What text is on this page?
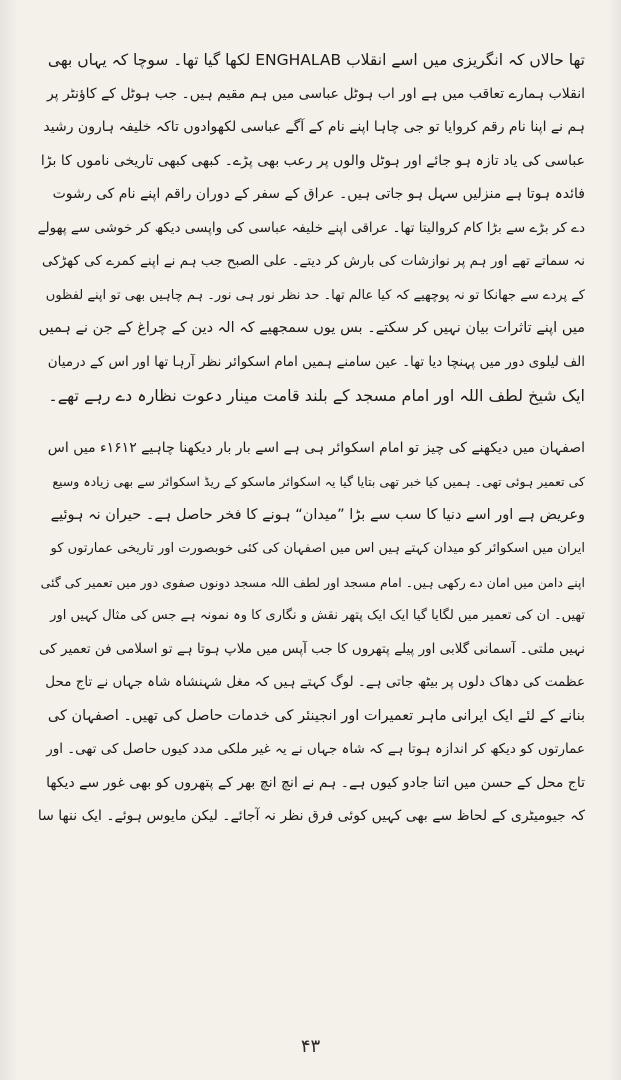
تھا حالاں کہ انگریزی میں اسے انقلاب ENGHALAB لکھا گیا تھا۔ سوچا کہ یہاں بھی
انقلاب ہمارے تعاقب میں ہے اور اب ہوٹل عباسی میں ہم مقیم ہیں۔ جب ہوٹل کے کاؤنٹر پر
ہم نے اپنا نام رقم کروایا تو جی چاہا اپنے نام کے آگے عباسی لکھوادوں تاکہ خلیفہ ہارون رشید
عباسی کی یاد تازہ ہو جائے اور ہوٹل والوں پر رعب بھی پڑے۔ کبھی کبھی تاریخی ناموں کا بڑا
فائدہ ہوتا ہے منزلیں سہل ہو جاتی ہیں۔ عراق کے سفر کے دوران راقم اپنے نام کی رشوت
دے کر بڑے سے بڑا کام کروالیتا تھا۔ عراقی اپنے خلیفہ عباسی کی واپسی دیکھ کر خوشی سے پھولے
نہ سماتے تھے اور ہم پر نوازشات کی بارش کر دیتے۔ علی الصبح جب ہم نے اپنے کمرے کی کھڑکی
کے پردے سے جھانکا تو نہ پوچھیے کہ کیا عالم تھا۔ حد نظر نور ہی نور۔ ہم چاہیں بھی تو اپنے لفظوں
میں اپنے تاثرات بیان نہیں کر سکتے۔ بس یوں سمجھیے کہ الہ دین کے چراغ کے جن نے ہمیں
الف لیلوی دور میں پہنچا دیا تھا۔ عین سامنے ہمیں امام اسکوائر نظر آرہا تھا اور اس کے درمیان
ایک شیخ لطف اللہ اور امام مسجد کے بلند قامت مینار دعوت نظارہ دے رہے تھے۔
اصفہان میں دیکھنے کی چیز تو امام اسکوائر ہی ہے اسے بار بار دیکھنا چاہیے ۱۶۱۲ء میں اس
کی تعمیر ہوئی تھی۔ ہمیں کیا خبر تھی بتایا گیا یہ اسکوائر ماسکو کے ریڈ اسکوائر سے بھی زیادہ وسیع
وعریض ہے اور اسے دنیا کا سب سے بڑا ”میدان“ ہونے کا فخر حاصل ہے۔ حیران نہ ہوئیے
ایران میں اسکوائر کو میدان کہتے ہیں اس میں اصفہان کی کئی خوبصورت اور تاریخی عمارتوں کو
اپنے دامن میں امان دے رکھی ہیں۔ امام مسجد اور لطف اللہ مسجد دونوں صفوی دور میں تعمیر کی گئی
تھیں۔ ان کی تعمیر میں لگایا گیا ایک ایک پتھر نقش و نگاری کا وہ نمونہ ہے جس کی مثال کہیں اور
نہیں ملتی۔ آسمانی گلابی اور پیلے پتھروں کا جب آپس میں ملاپ ہوتا ہے تو اسلامی فن تعمیر کی
عظمت کی دھاک دلوں پر بیٹھ جاتی ہے۔ لوگ کہتے ہیں کہ مغل شہنشاہ شاہ جہاں نے تاج محل
بنانے کے لئے ایک ایرانی ماہر تعمیرات اور انجینئر کی خدمات حاصل کی تھیں۔ اصفہان کی
عمارتوں کو دیکھ کر اندازہ ہوتا ہے کہ شاہ جہاں نے یہ غیر ملکی مدد کیوں حاصل کی تھی۔ اور
تاج محل کے حسن میں اتنا جادو کیوں ہے۔ ہم نے انچ انچ بھر کے پتھروں کو بھی غور سے دیکھا
کہ جیومیٹری کے لحاظ سے بھی کہیں کوئی فرق نظر نہ آجائے۔ لیکن مایوس ہوئے۔ ایک ننھا سا
۴۳
